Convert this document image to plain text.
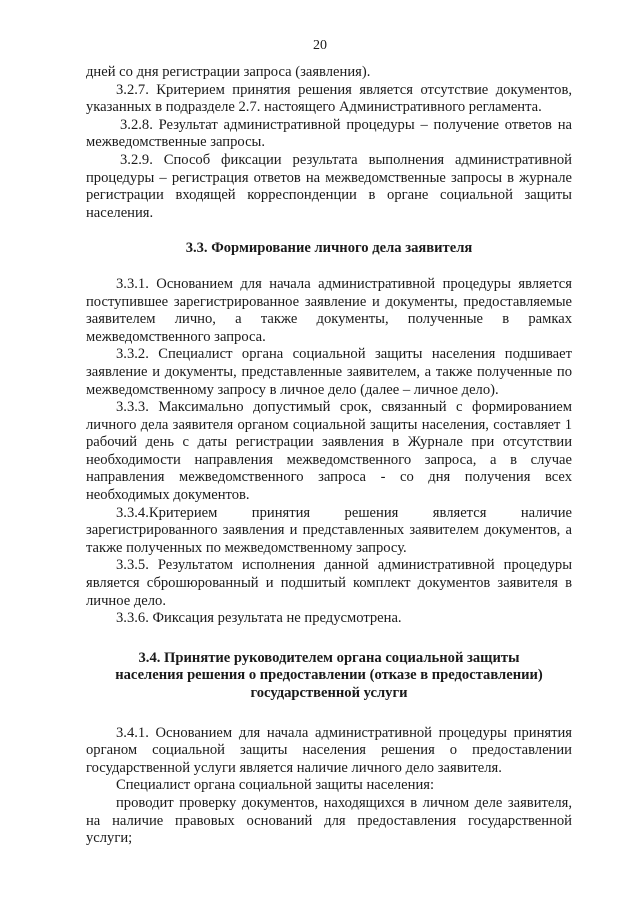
20

дней со дня регистрации запроса (заявления).

3.2.7. Критерием принятия решения является отсутствие документов, указанных в подразделе 2.7. настоящего Административного регламента.

3.2.8. Результат административной процедуры – получение ответов на межведомственные запросы.

3.2.9. Способ фиксации результата выполнения административной процедуры – регистрация ответов на межведомственные запросы в журнале регистрации входящей корреспонденции в органе социальной защиты населения.

3.3. Формирование личного дела заявителя

3.3.1. Основанием для начала административной процедуры является поступившее зарегистрированное заявление и документы, предоставляемые заявителем лично, а также документы, полученные в рамках межведомственного запроса.

3.3.2. Специалист органа социальной защиты населения подшивает заявление и документы, представленные заявителем, а также полученные по межведомственному запросу в личное дело (далее – личное дело).

3.3.3. Максимально допустимый срок, связанный с формированием личного дела заявителя органом социальной защиты населения, составляет 1 рабочий день с даты регистрации заявления в Журнале при отсутствии необходимости направления межведомственного запроса, а в случае направления межведомственного запроса - со дня получения всех необходимых документов.

3.3.4.Критерием принятия решения является наличие зарегистрированного заявления и представленных заявителем документов, а также полученных по межведомственному запросу.

3.3.5. Результатом исполнения данной административной процедуры является сброшюрованный и подшитый комплект документов заявителя в личное дело.

3.3.6. Фиксация результата не предусмотрена.

3.4. Принятие руководителем органа социальной защиты

населения решения о предоставлении (отказе в предоставлении)

государственной услуги

3.4.1. Основанием для начала административной процедуры принятия органом социальной защиты населения решения о предоставлении государственной услуги является наличие личного дело заявителя.

Специалист органа социальной защиты населения:

проводит проверку документов, находящихся в личном деле заявителя, на наличие правовых оснований для предоставления государственной услуги;
